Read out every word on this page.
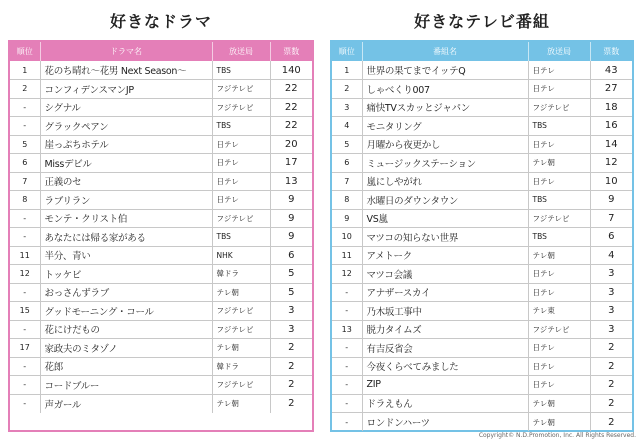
好きなドラマ
順位	ドラマ名	放送局	票数
1	花のち晴れ〜花男 Next Season〜	TBS	140
2	コンフィデンスマンJP	フジテレビ	22
-	シグナル	フジテレビ	22
-	グラックペアン	TBS	22
5	崖っぷちホテル	日テレ	20
6	Missデビル	日テレ	17
7	正義のセ	日テレ	13
8	ラブリラン	日テレ	9
-	モンテ・クリスト伯	フジテレビ	9
-	あなたには帰る家がある	TBS	9
11	半分、青い	NHK	6
12	トッケビ	韓ドラ	5
-	おっさんずラブ	テレ朝	5
15	グッドモーニング・コール	フジテレビ	3
-	花にけだもの	フジテレビ	3
17	家政夫のミタゾノ	テレ朝	2
-	花郎	韓ドラ	2
-	コードブルー	フジテレビ	2
-	声ガール	テレ朝	2
好きなテレビ番組
順位	番組名	放送局	票数
1	世界の果てまでイッテQ	日テレ	43
2	しゃべくり007	日テレ	27
3	痛快TVスカッとジャパン	フジテレビ	18
4	モニタリング	TBS	16
5	月曜から夜更かし	日テレ	14
6	ミュージックステーション	テレ朝	12
7	嵐にしやがれ	日テレ	10
8	水曜日のダウンタウン	TBS	9
9	VS嵐	フジテレビ	7
10	マツコの知らない世界	TBS	6
11	アメトーク	テレ朝	4
12	マツコ会議	日テレ	3
-	アナザースカイ	日テレ	3
-	乃木坂工事中	テレ東	3
13	脱力タイムズ	フジテレビ	3
-	有吉反省会	日テレ	2
-	今夜くらべてみました	日テレ	2
-	ZIP	日テレ	2
-	ドラえもん	テレ朝	2
-	ロンドンハーツ	テレ朝	2
Copyright© N.D.Promotion, Inc. All Rights Reserved.
